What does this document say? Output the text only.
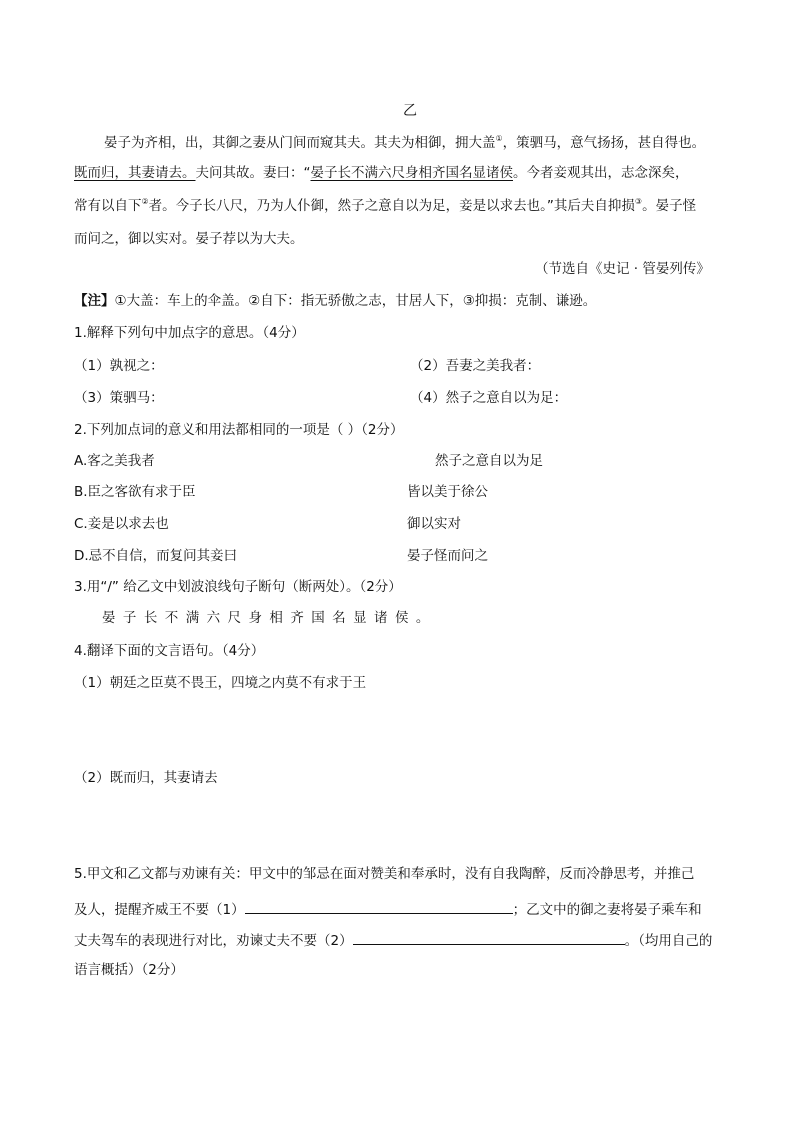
乙
晏子为齐相，出，其御之妻从门间而窥其夫。其夫为相御，拥大盖①，策驷马，意气扬扬，甚自得也。
既而归，其妻请去。夫问其故。妻曰：“晏子长不满六尺身相齐国名显诸侯。今者妾观其出，志念深矣，
常有以自下②者。今子长八尺，乃为人仆御，然子之意自以为足，妾是以求去也。”其后夫自抑损③。晏子怪
而问之，御以实对。晏子荐以为大夫。
（节选自《史记 · 管晏列传》
【注】①大盖：车上的伞盖。②自下：指无骄傲之志，甘居人下，③抑损：克制、谦逊。
1.解释下列句中加点字的意思。（4分）
（1）孰视之：	（2）吾妻之美我者：
（3）策驷马：	（4）然子之意自以为足：
2.下列加点词的意义和用法都相同的一项是（ ）（2分）
A.客之美我者	然子之意自以为足
B.臣之客欲有求于臣	皆以美于徐公
C.妾是以求去也	御以实对
D.忌不自信，而复问其妾曰	晏子怪而问之
3.用“/” 给乙文中划波浪线句子断句（断两处）。（2分）
晏子长不满六尺身相齐国名显诸侯。
4.翻译下面的文言语句。（4分）
（1）朝廷之臣莫不畏王，四境之内莫不有求于王
（2）既而归，其妻请去
5.甲文和乙文都与劝谏有关：甲文中的邹忌在面对赞美和奉承时，没有自我陶醉，反而冷静思考，并推己
及人，提醒齐威王不要（1）	；乙文中的御之妻将晏子乘车和
丈夫驾车的表现进行对比，劝谏丈夫不要（2）	。（均用自己的
语言概括）（2分）
